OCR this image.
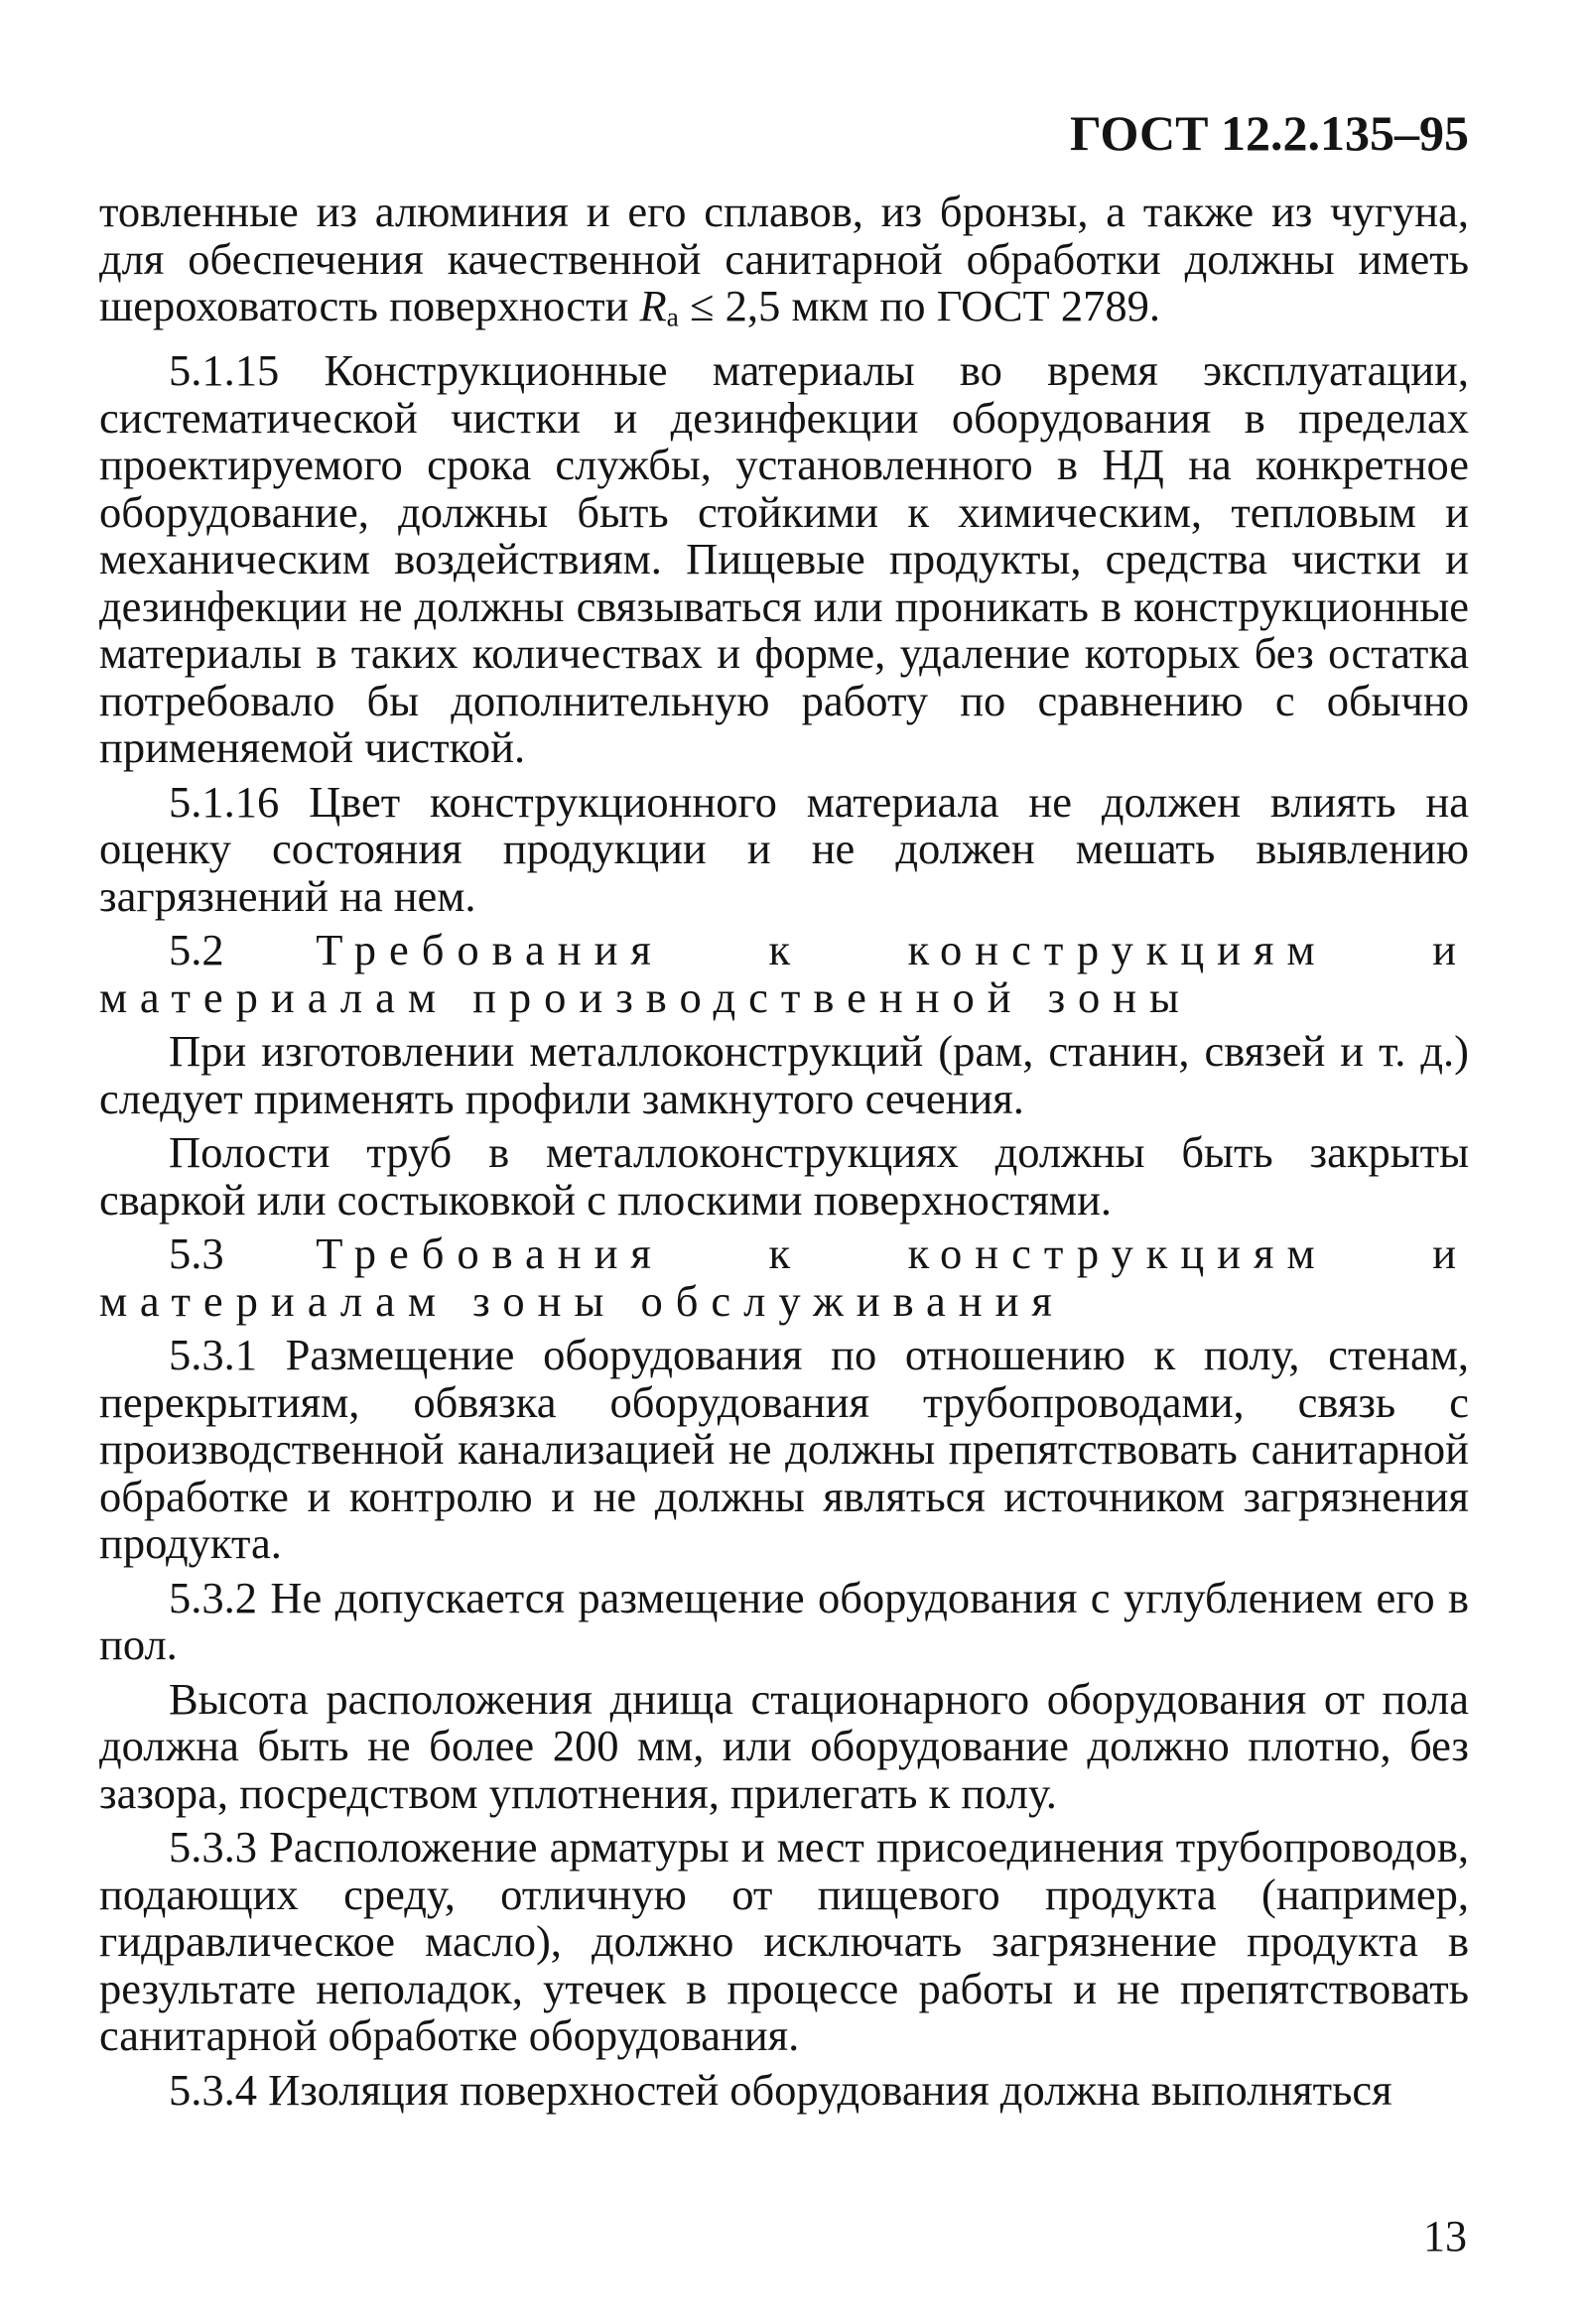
ГОСТ 12.2.135–95

товленные из алюминия и его сплавов, из бронзы, а также из чугуна, для обеспечения качественной санитарной обработки должны иметь шероховатость поверхности Ra ≤ 2,5 мкм по ГОСТ 2789.

5.1.15 Конструкционные материалы во время эксплуатации, систематической чистки и дезинфекции оборудования в пределах проектируемого срока службы, установленного в НД на конкретное оборудование, должны быть стойкими к химическим, тепловым и механическим воздействиям. Пищевые продукты, средства чистки и дезинфекции не должны связываться или проникать в конструкционные материалы в таких количествах и форме, удаление которых без остатка потребовало бы дополнительную работу по сравнению с обычно применяемой чисткой.

5.1.16 Цвет конструкционного материала не должен влиять на оценку состояния продукции и не должен мешать выявлению загрязнений на нем.

5.2 Требования к конструкциям и материалам производственной зоны

При изготовлении металлоконструкций (рам, станин, связей и т. д.) следует применять профили замкнутого сечения.

Полости труб в металлоконструкциях должны быть закрыты сваркой или состыковкой с плоскими поверхностями.

5.3 Требования к конструкциям и материалам зоны обслуживания

5.3.1 Размещение оборудования по отношению к полу, стенам, перекрытиям, обвязка оборудования трубопроводами, связь с производственной канализацией не должны препятствовать санитарной обработке и контролю и не должны являться источником загрязнения продукта.

5.3.2 Не допускается размещение оборудования с углублением его в пол.

Высота расположения днища стационарного оборудования от пола должна быть не более 200 мм, или оборудование должно плотно, без зазора, посредством уплотнения, прилегать к полу.

5.3.3 Расположение арматуры и мест присоединения трубопроводов, подающих среду, отличную от пищевого продукта (например, гидравлическое масло), должно исключать загрязнение продукта в результате неполадок, утечек в процессе работы и не препятствовать санитарной обработке оборудования.

5.3.4 Изоляция поверхностей оборудования должна выполняться

13
